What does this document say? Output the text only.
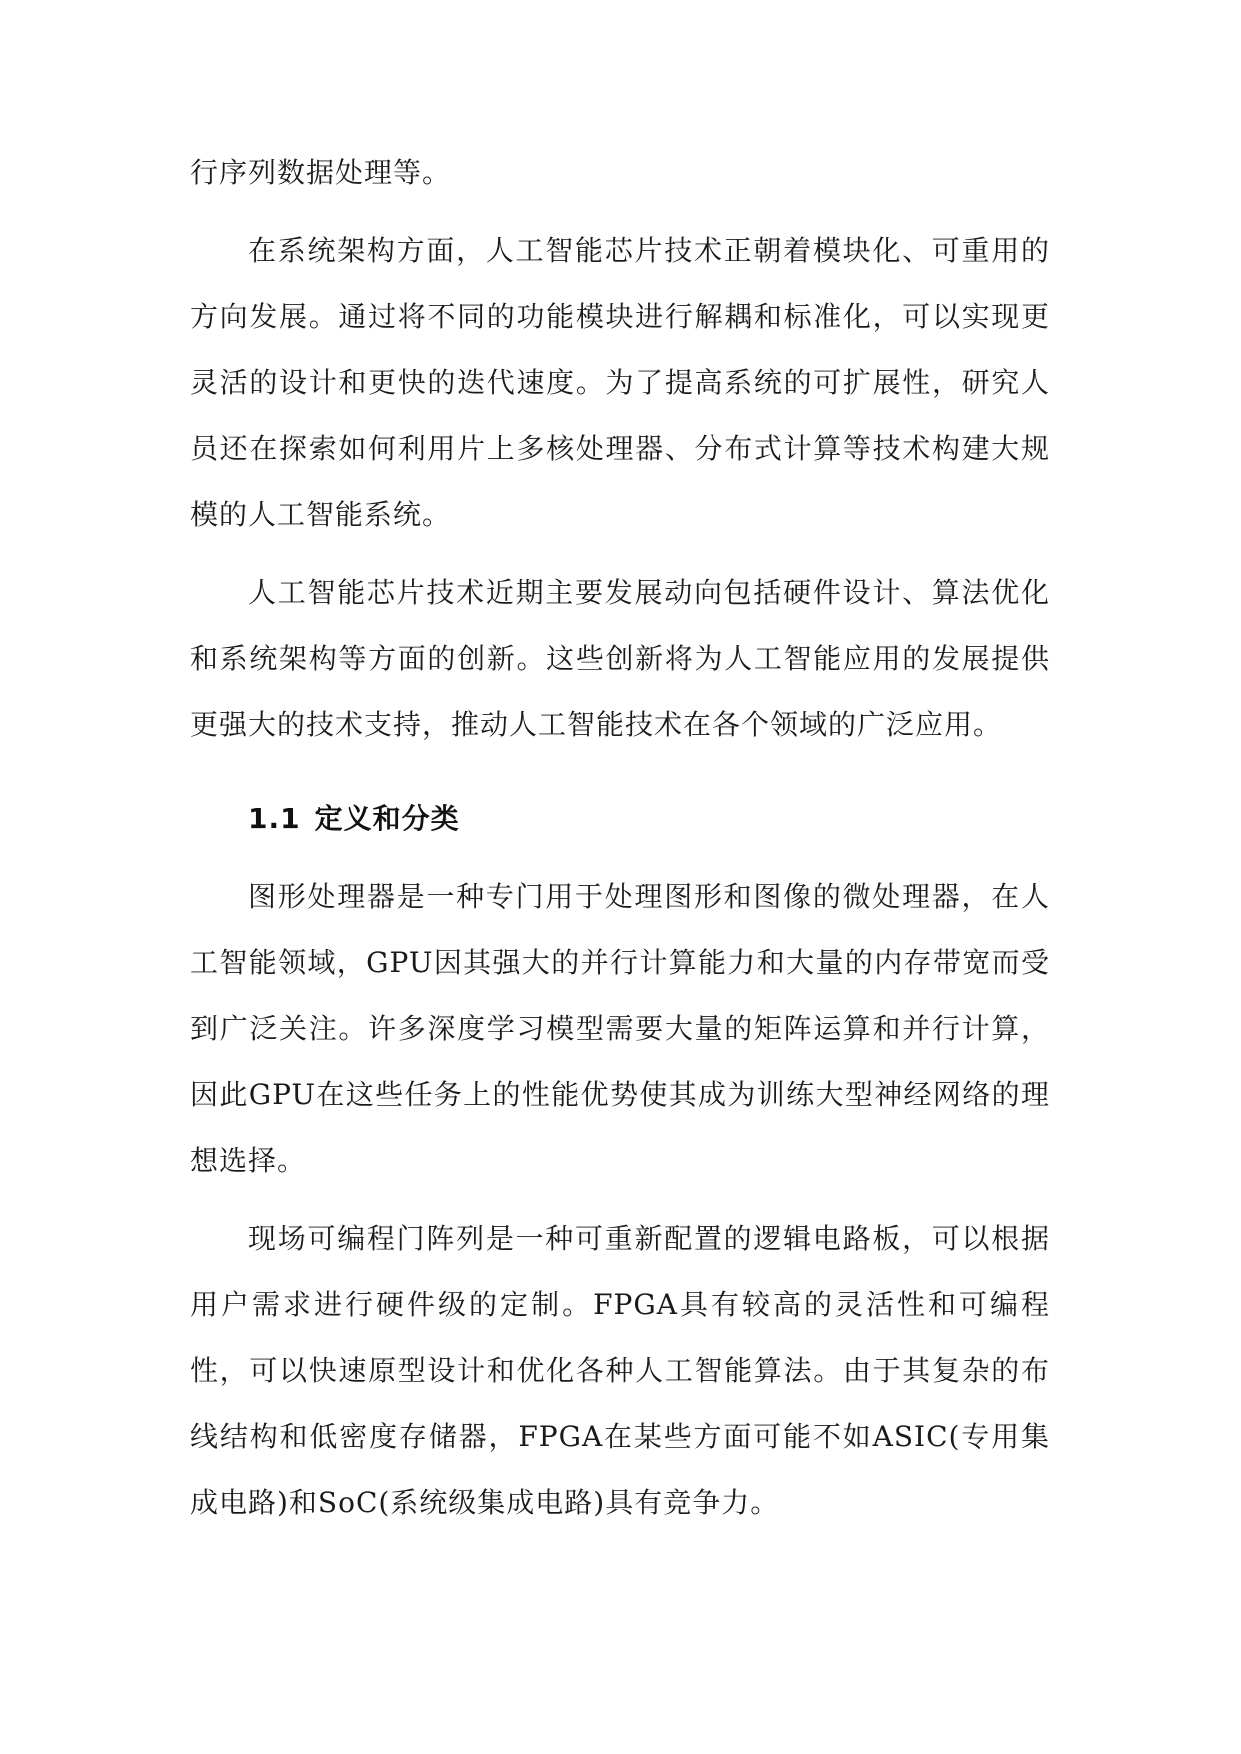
行序列数据处理等。

在系统架构方面，人工智能芯片技术正朝着模块化、可重用的方向发展。通过将不同的功能模块进行解耦和标准化，可以实现更灵活的设计和更快的迭代速度。为了提高系统的可扩展性，研究人员还在探索如何利用片上多核处理器、分布式计算等技术构建大规模的人工智能系统。

人工智能芯片技术近期主要发展动向包括硬件设计、算法优化和系统架构等方面的创新。这些创新将为人工智能应用的发展提供更强大的技术支持，推动人工智能技术在各个领域的广泛应用。

1.1 定义和分类

图形处理器是一种专门用于处理图形和图像的微处理器，在人工智能领域，GPU因其强大的并行计算能力和大量的内存带宽而受到广泛关注。许多深度学习模型需要大量的矩阵运算和并行计算，因此GPU在这些任务上的性能优势使其成为训练大型神经网络的理想选择。

现场可编程门阵列是一种可重新配置的逻辑电路板，可以根据用户需求进行硬件级的定制。FPGA具有较高的灵活性和可编程性，可以快速原型设计和优化各种人工智能算法。由于其复杂的布线结构和低密度存储器，FPGA在某些方面可能不如ASIC(专用集成电路)和SoC(系统级集成电路)具有竞争力。
